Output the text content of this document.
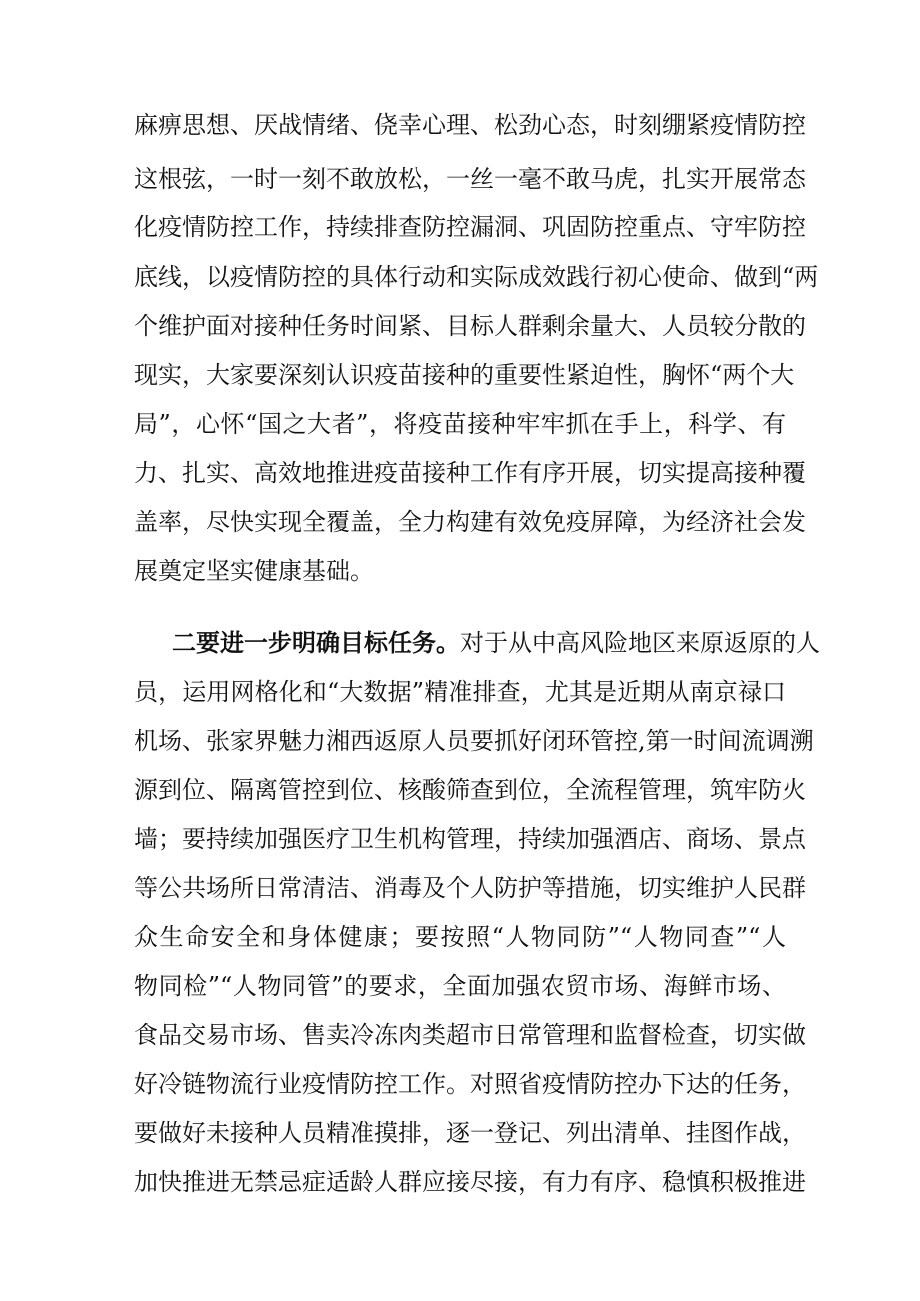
麻痹思想、厌战情绪、侥幸心理、松劲心态，时刻绷紧疫情防控
这根弦，一时一刻不敢放松，一丝一毫不敢马虎，扎实开展常态
化疫情防控工作，持续排查防控漏洞、巩固防控重点、守牢防控
底线，以疫情防控的具体行动和实际成效践行初心使命、做到“两
个维护面对接种任务时间紧、目标人群剩余量大、人员较分散的
现实，大家要深刻认识疫苗接种的重要性紧迫性，胸怀“两个大
局”，心怀“国之大者”，将疫苗接种牢牢抓在手上，科学、有
力、扎实、高效地推进疫苗接种工作有序开展，切实提高接种覆
盖率，尽快实现全覆盖，全力构建有效免疫屏障，为经济社会发
展奠定坚实健康基础。
二要进一步明确目标任务。对于从中高风险地区来原返原的人
员，运用网格化和“大数据”精准排查，尤其是近期从南京禄口
机场、张家界魅力湘西返原人员要抓好闭环管控,第一时间流调溯
源到位、隔离管控到位、核酸筛查到位，全流程管理，筑牢防火
墙；要持续加强医疗卫生机构管理，持续加强酒店、商场、景点
等公共场所日常清洁、消毒及个人防护等措施，切实维护人民群
众生命安全和身体健康；要按照“人物同防”“人物同查”“人
物同检”“人物同管”的要求，全面加强农贸市场、海鲜市场、
食品交易市场、售卖冷冻肉类超市日常管理和监督检查，切实做
好冷链物流行业疫情防控工作。对照省疫情防控办下达的任务，
要做好未接种人员精准摸排，逐一登记、列出清单、挂图作战，
加快推进无禁忌症适龄人群应接尽接，有力有序、稳慎积极推进
